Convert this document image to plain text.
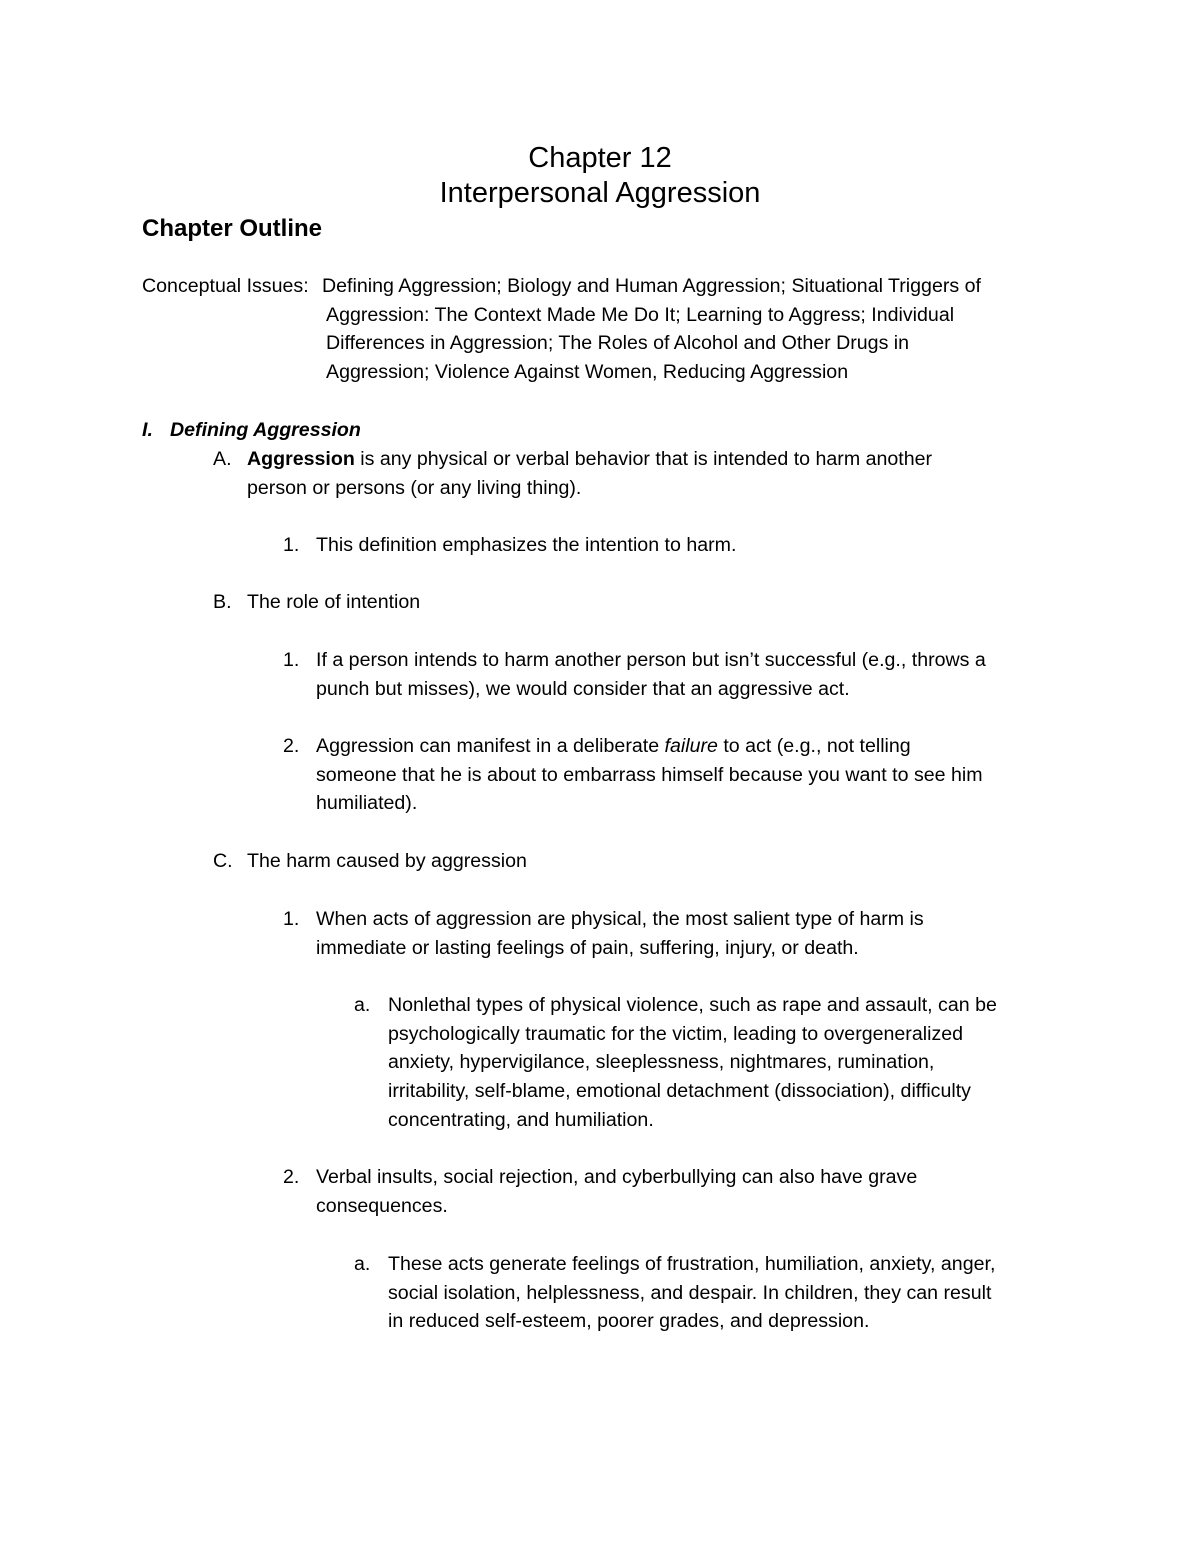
Chapter 12
Interpersonal Aggression
Chapter Outline
Conceptual Issues: Defining Aggression; Biology and Human Aggression; Situational Triggers of
Aggression: The Context Made Me Do It; Learning to Aggress; Individual
Differences in Aggression; The Roles of Alcohol and Other Drugs in
Aggression; Violence Against Women, Reducing Aggression
I. Defining Aggression
A. Aggression is any physical or verbal behavior that is intended to harm another
person or persons (or any living thing).
1. This definition emphasizes the intention to harm.
B. The role of intention
1. If a person intends to harm another person but isn’t successful (e.g., throws a
punch but misses), we would consider that an aggressive act.
2. Aggression can manifest in a deliberate failure to act (e.g., not telling
someone that he is about to embarrass himself because you want to see him
humiliated).
C. The harm caused by aggression
1. When acts of aggression are physical, the most salient type of harm is
immediate or lasting feelings of pain, suffering, injury, or death.
a. Nonlethal types of physical violence, such as rape and assault, can be
psychologically traumatic for the victim, leading to overgeneralized
anxiety, hypervigilance, sleeplessness, nightmares, rumination,
irritability, self-blame, emotional detachment (dissociation), difficulty
concentrating, and humiliation.
2. Verbal insults, social rejection, and cyberbullying can also have grave
consequences.
a. These acts generate feelings of frustration, humiliation, anxiety, anger,
social isolation, helplessness, and despair. In children, they can result
in reduced self-esteem, poorer grades, and depression.
